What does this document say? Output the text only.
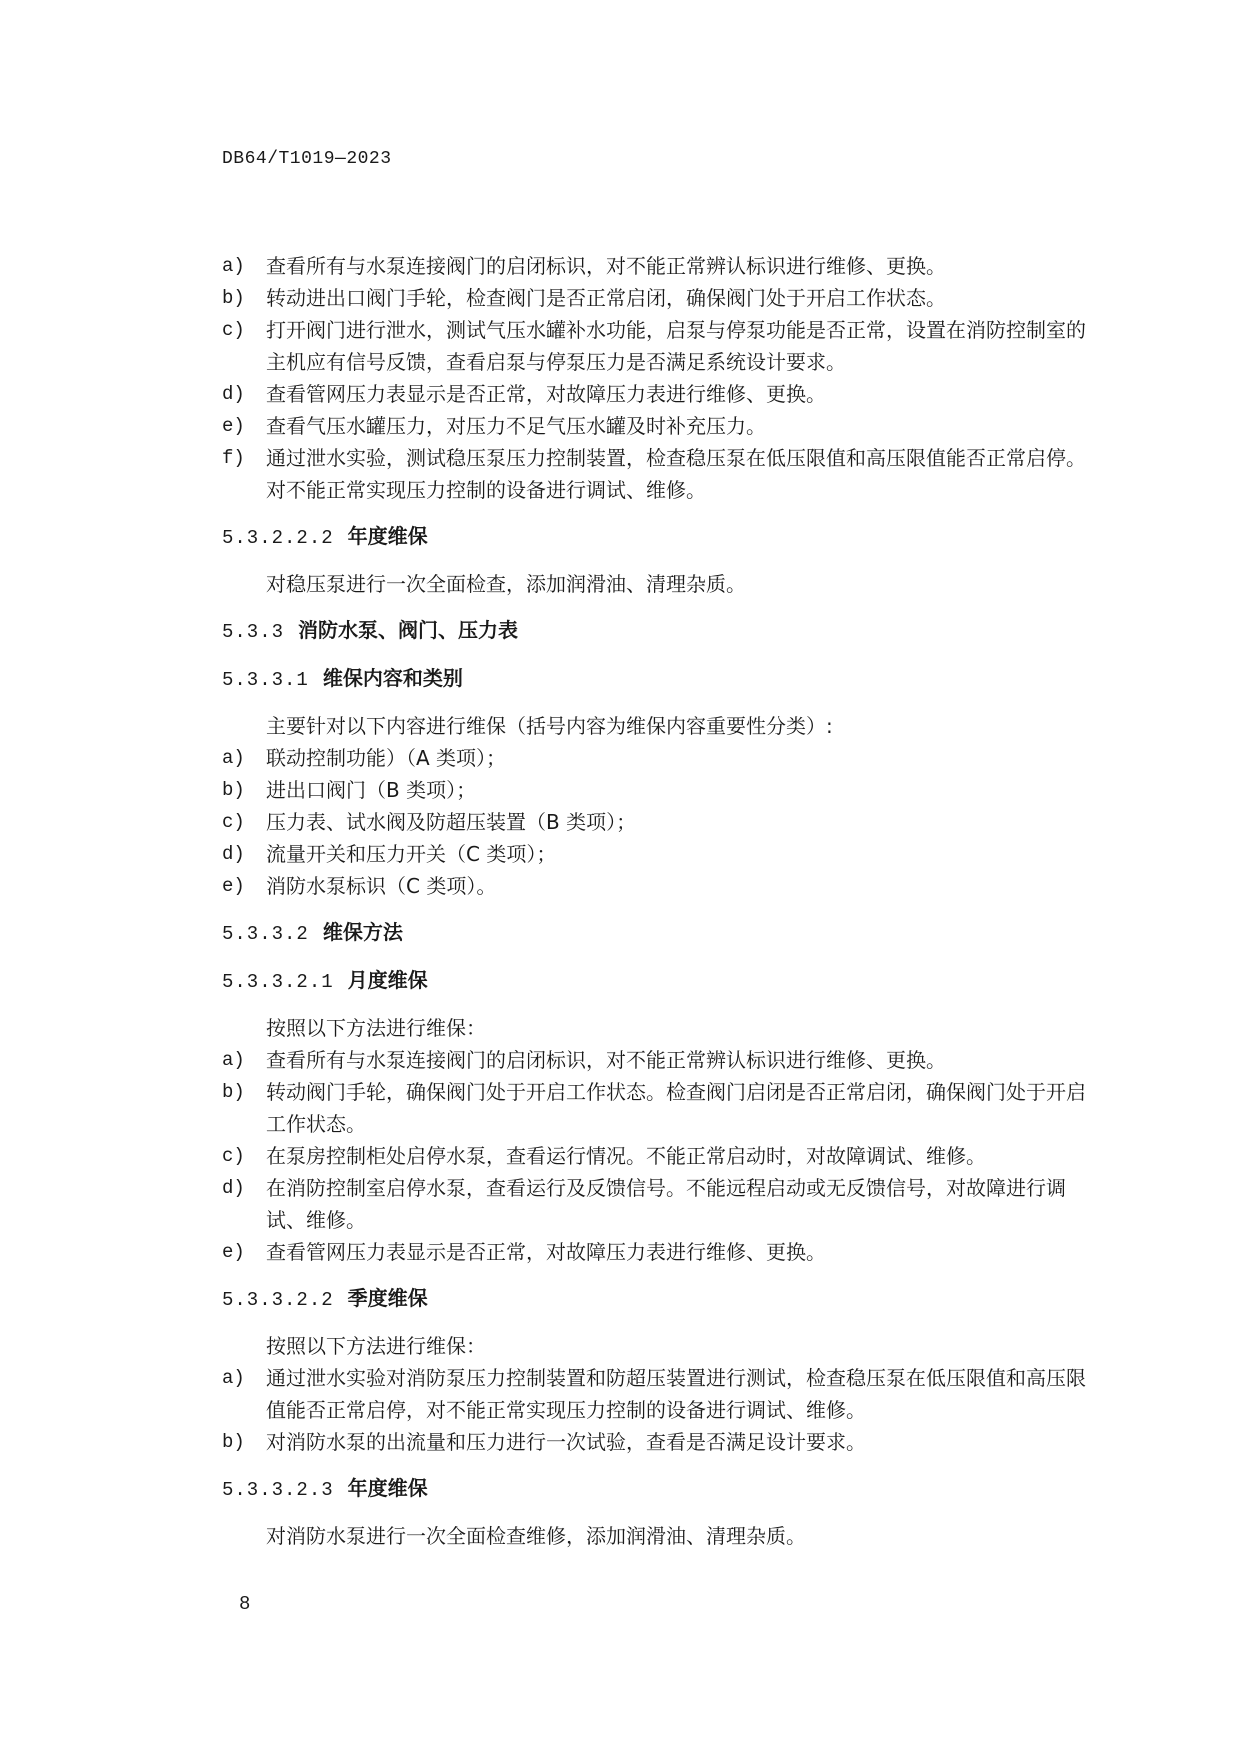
DB64/T1019—2023
a) 查看所有与水泵连接阀门的启闭标识，对不能正常辨认标识进行维修、更换。
b) 转动进出口阀门手轮，检查阀门是否正常启闭，确保阀门处于开启工作状态。
c) 打开阀门进行泄水，测试气压水罐补水功能，启泵与停泵功能是否正常，设置在消防控制室的主机应有信号反馈，查看启泵与停泵压力是否满足系统设计要求。
d) 查看管网压力表显示是否正常，对故障压力表进行维修、更换。
e) 查看气压水罐压力，对压力不足气压水罐及时补充压力。
f) 通过泄水实验，测试稳压泵压力控制装置，检查稳压泵在低压限值和高压限值能否正常启停。对不能正常实现压力控制的设备进行调试、维修。
5.3.2.2.2 年度维保
对稳压泵进行一次全面检查，添加润滑油、清理杂质。
5.3.3 消防水泵、阀门、压力表
5.3.3.1 维保内容和类别
主要针对以下内容进行维保（括号内容为维保内容重要性分类）:
a) 联动控制功能）（A 类项）；
b) 进出口阀门（B 类项）；
c) 压力表、试水阀及防超压装置（B 类项）；
d) 流量开关和压力开关（C 类项）；
e) 消防水泵标识（C 类项）。
5.3.3.2 维保方法
5.3.3.2.1 月度维保
按照以下方法进行维保：
a) 查看所有与水泵连接阀门的启闭标识，对不能正常辨认标识进行维修、更换。
b) 转动阀门手轮，确保阀门处于开启工作状态。检查阀门启闭是否正常启闭，确保阀门处于开启工作状态。
c) 在泵房控制柜处启停水泵，查看运行情况。不能正常启动时，对故障调试、维修。
d) 在消防控制室启停水泵，查看运行及反馈信号。不能远程启动或无反馈信号，对故障进行调试、维修。
e) 查看管网压力表显示是否正常，对故障压力表进行维修、更换。
5.3.3.2.2 季度维保
按照以下方法进行维保：
a) 通过泄水实验对消防泵压力控制装置和防超压装置进行测试，检查稳压泵在低压限值和高压限值能否正常启停，对不能正常实现压力控制的设备进行调试、维修。
b) 对消防水泵的出流量和压力进行一次试验，查看是否满足设计要求。
5.3.3.2.3 年度维保
对消防水泵进行一次全面检查维修，添加润滑油、清理杂质。
8
